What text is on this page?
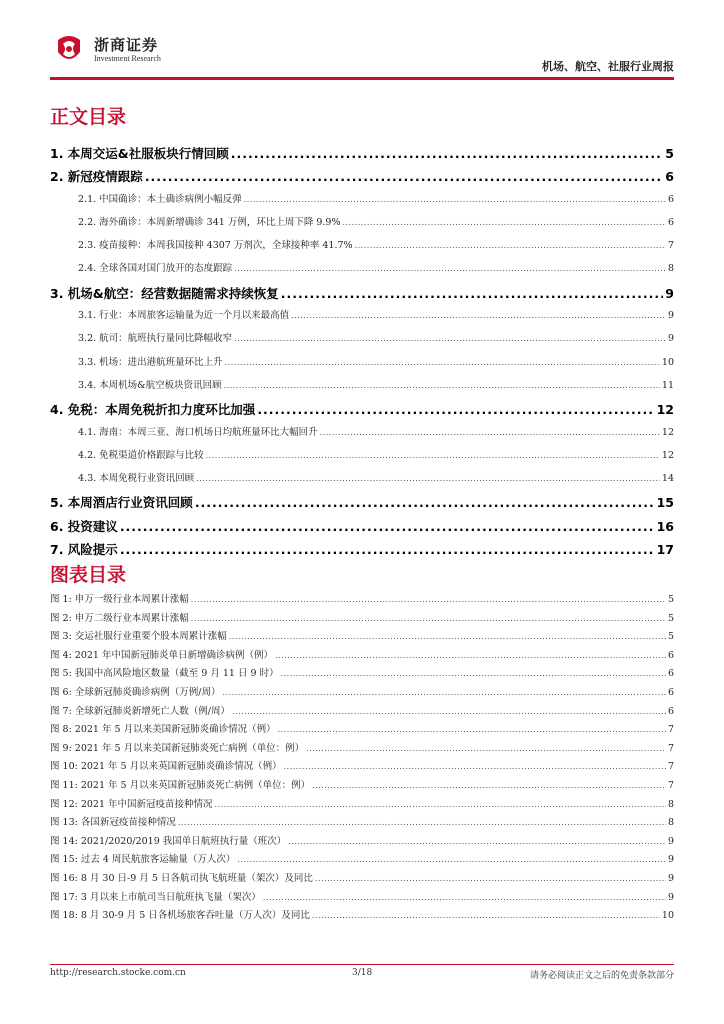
浙商证券
Investment Research
机场、航空、社服行业周报
正文目录
1. 本周交运&社服板块行情回顾 .....	5
2. 新冠疫情跟踪 .....	6
2.1. 中国确诊：本土确诊病例小幅反弹 .....	6
2.2. 海外确诊：本周新增确诊 341 万例，环比上周下降 9.9% .....	6
2.3. 疫苗接种：本周我国接种 4307 万剂次，全球接种率 41.7% .....	7
2.4. 全球各国对国门放开的态度跟踪 .....	8
3. 机场&航空：经营数据随需求持续恢复 .....	9
3.1. 行业：本周旅客运输量为近一个月以来最高值 .....	9
3.2. 航司：航班执行量同比降幅收窄 .....	9
3.3. 机场：进出港航班量环比上升 .....	10
3.4. 本周机场&航空板块资讯回顾 .....	11
4. 免税：本周免税折扣力度环比加强 .....	12
4.1. 海南：本周三亚、海口机场日均航班量环比大幅回升 .....	12
4.2. 免税渠道价格跟踪与比较 .....	12
4.3. 本周免税行业资讯回顾 .....	14
5. 本周酒店行业资讯回顾 .....	15
6. 投资建议 .....	16
7. 风险提示 .....	17
图表目录
图 1: 申万一级行业本周累计涨幅 .....	5
图 2: 申万二级行业本周累计涨幅 .....	5
图 3: 交运社服行业重要个股本周累计涨幅 .....	5
图 4: 2021 年中国新冠肺炎单日新增确诊病例（例） .....	6
图 5: 我国中高风险地区数量（截至 9 月 11 日 9 时） .....	6
图 6: 全球新冠肺炎确诊病例（万例/周） .....	6
图 7: 全球新冠肺炎新增死亡人数（例/周） .....	6
图 8: 2021 年 5 月以来美国新冠肺炎确诊情况（例） .....	7
图 9: 2021 年 5 月以来美国新冠肺炎死亡病例（单位：例） .....	7
图 10: 2021 年 5 月以来英国新冠肺炎确诊情况（例） .....	7
图 11: 2021 年 5 月以来英国新冠肺炎死亡病例（单位：例） .....	7
图 12: 2021 年中国新冠疫苗接种情况 .....	8
图 13: 各国新冠疫苗接种情况 .....	8
图 14: 2021/2020/2019 我国单日航班执行量（班次） .....	9
图 15: 过去 4 周民航旅客运输量（万人次） .....	9
图 16: 8 月 30 日-9 月 5 日各航司执飞航班量（架次）及同比 .....	9
图 17: 3 月以来上市航司当日航班执飞量（架次） .....	9
图 18: 8 月 30-9 月 5 日各机场旅客吞吐量（万人次）及同比 .....	10
http://research.stocke.com.cn	3/18	请务必阅读正文之后的免责条款部分
